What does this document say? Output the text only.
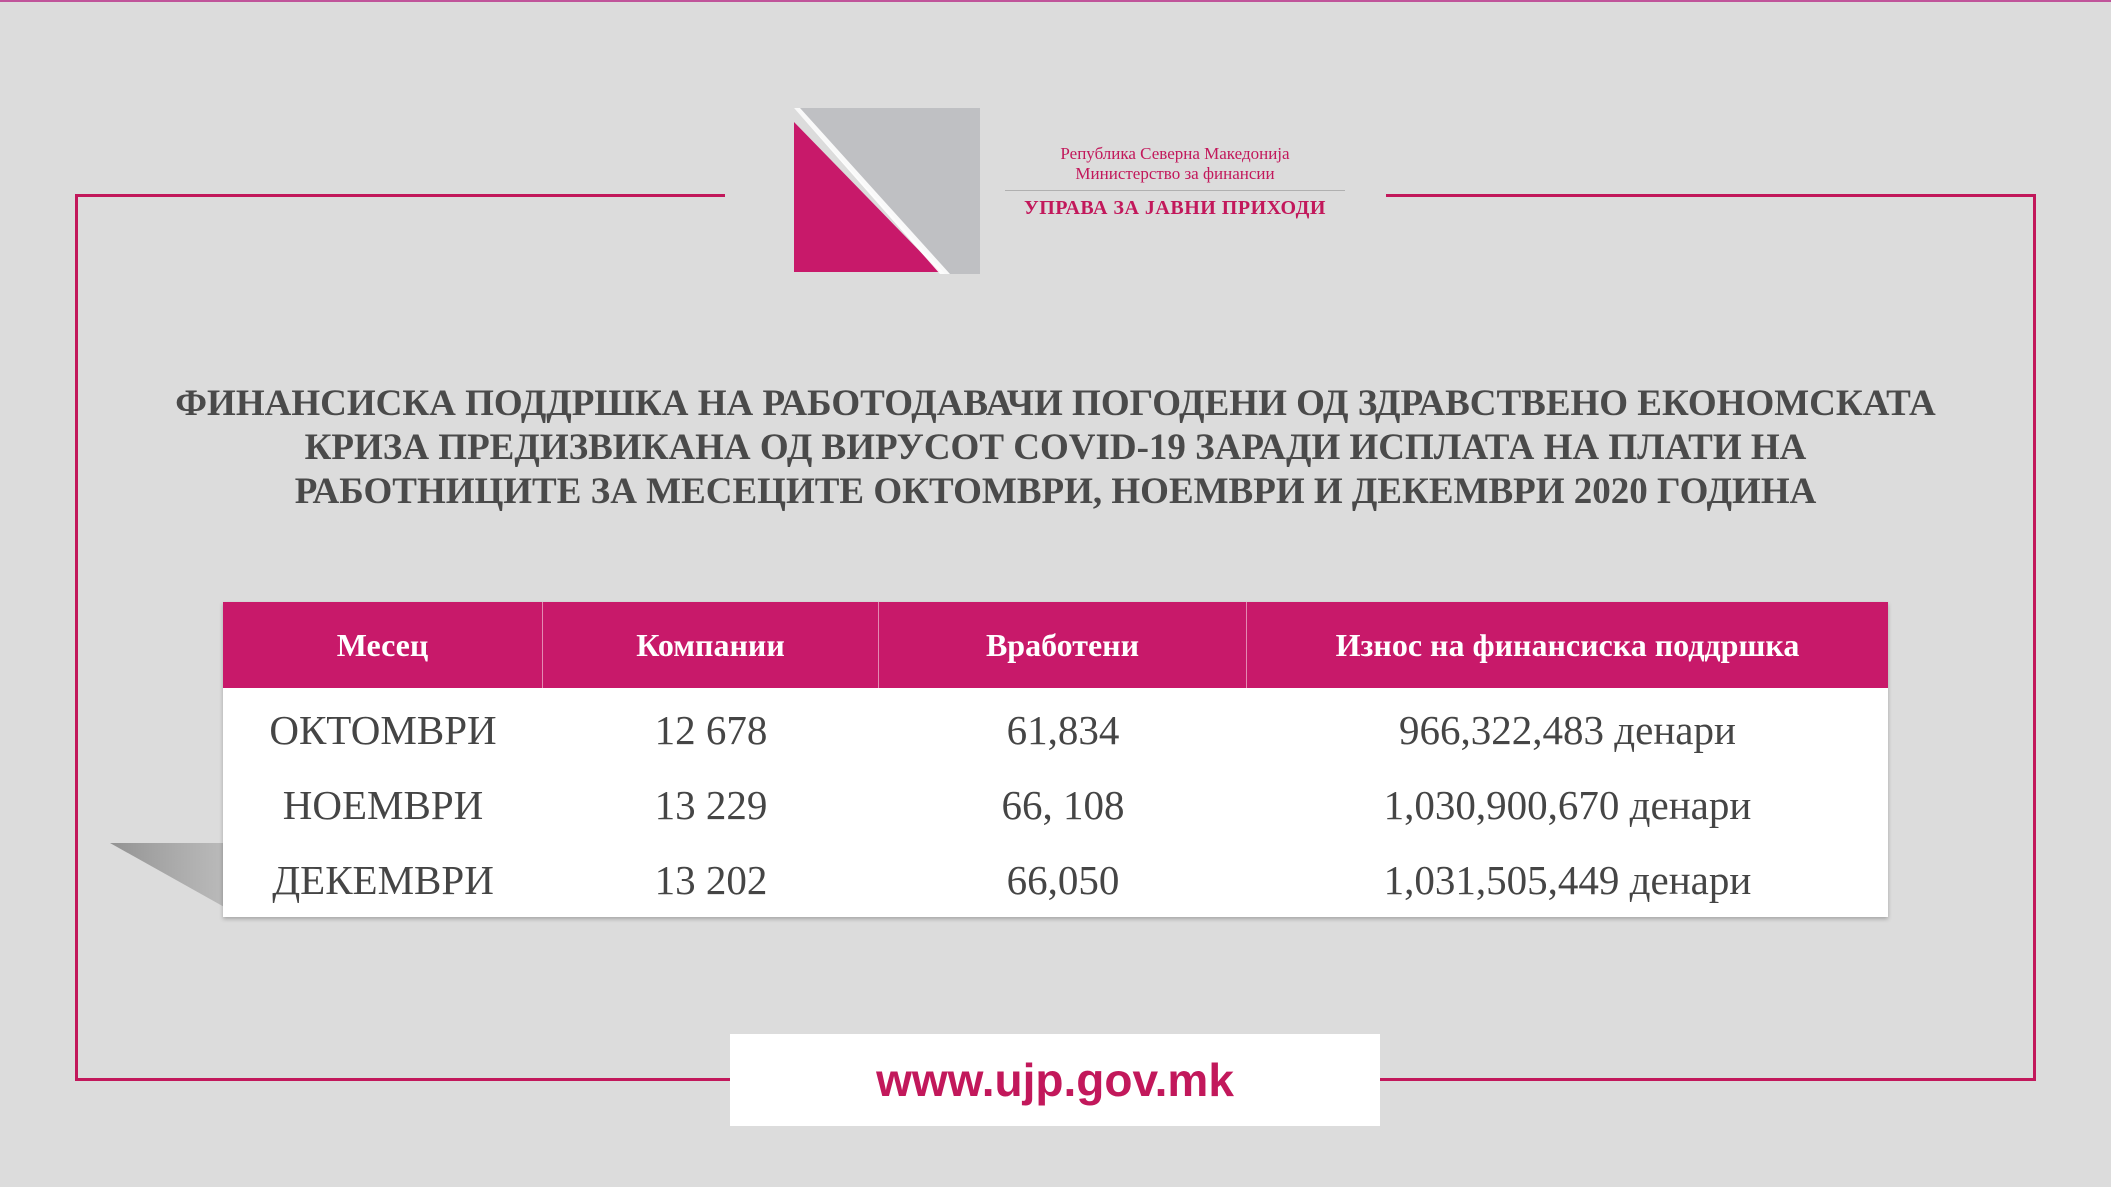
Република Северна Македонија
Министерство за финансии
УПРАВА ЗА ЈАВНИ ПРИХОДИ
ФИНАНСИСКА ПОДДРШКА НА РАБОТОДАВАЧИ ПОГОДЕНИ ОД ЗДРАВСТВЕНО ЕКОНОМСКАТА
КРИЗА ПРЕДИЗВИКАНА ОД ВИРУСОТ COVID-19 ЗАРАДИ ИСПЛАТА НА ПЛАТИ НА
РАБОТНИЦИТЕ ЗА МЕСЕЦИТЕ ОКТОМВРИ, НОЕМВРИ И ДЕКЕМВРИ 2020 ГОДИНА
Месец	Компании	Вработени	Износ на финансиска поддршка
ОКТОМВРИ	12 678	61,834	966,322,483 денари
НОЕМВРИ	13 229	66, 108	1,030,900,670 денари
ДЕКЕМВРИ	13 202	66,050	1,031,505,449 денари
www.ujp.gov.mk
